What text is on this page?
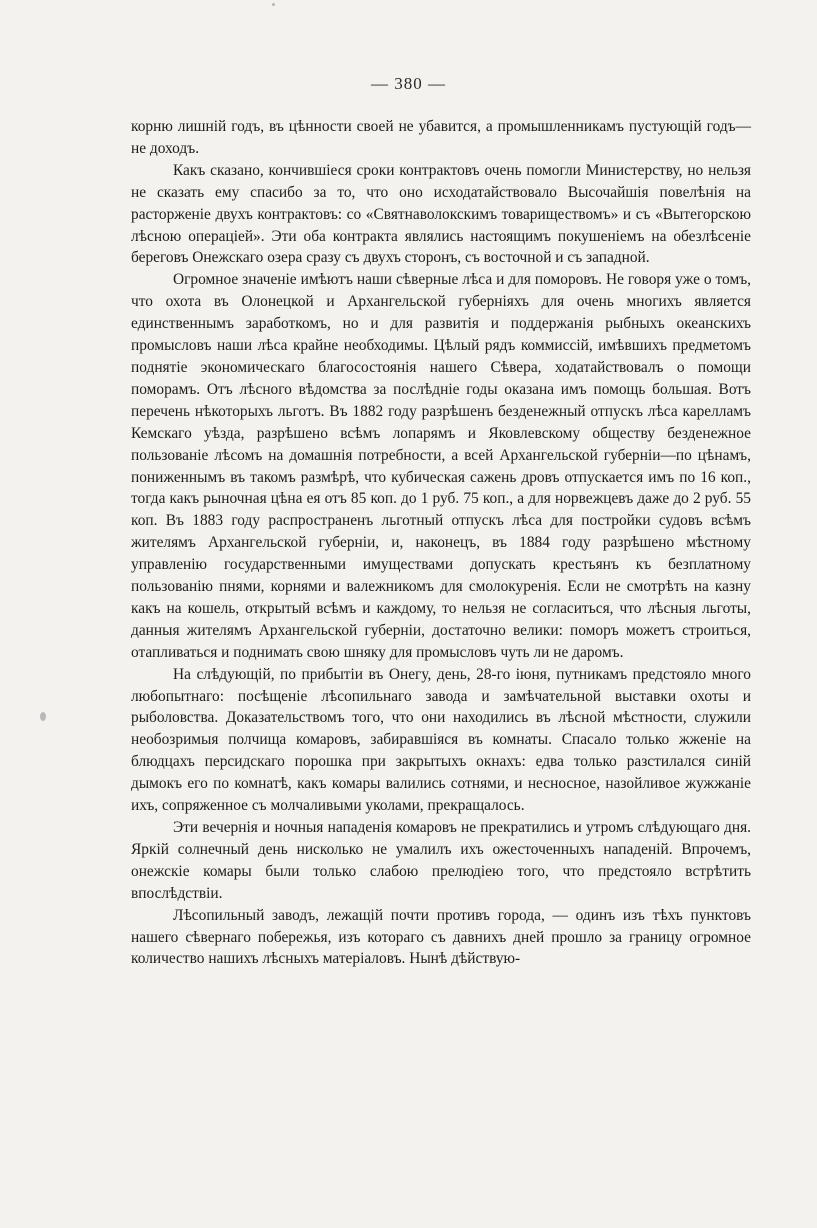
— 380 —

корню лишній годъ, въ цѣнности своей не убавится, а промышленникамъ пустующій годъ—не доходъ.

Какъ сказано, кончившіеся сроки контрактовъ очень помогли Министерству, но нельзя не сказать ему спасибо за то, что оно исходатайствовало Высочайшія повелѣнія на расторженіе двухъ контрактовъ: со «Святнаволокскимъ товариществомъ» и съ «Вытегорскою лѣсною операціей». Эти оба контракта являлись настоящимъ покушеніемъ на обезлѣсеніе береговъ Онежскаго озера сразу съ двухъ сторонъ, съ восточной и съ западной.

Огромное значеніе имѣютъ наши сѣверные лѣса и для поморовъ. Не говоря уже о томъ, что охота въ Олонецкой и Архангельской губерніяхъ для очень многихъ является единственнымъ заработкомъ, но и для развитія и поддержанія рыбныхъ океанскихъ промысловъ наши лѣса крайне необходимы. Цѣлый рядъ коммиссій, имѣвшихъ предметомъ поднятіе экономическаго благосостоянія нашего Сѣвера, ходатайствовалъ о помощи поморамъ. Отъ лѣсного вѣдомства за послѣдніе годы оказана имъ помощь большая. Вотъ перечень нѣкоторыхъ льготъ. Въ 1882 году разрѣшенъ безденежный отпускъ лѣса карелламъ Кемскаго уѣзда, разрѣшено всѣмъ лопарямъ и Яковлевскому обществу безденежное пользованіе лѣсомъ на домашнія потребности, а всей Архангельской губерніи—по цѣнамъ, пониженнымъ въ такомъ размѣрѣ, что кубическая сажень дровъ отпускается имъ по 16 коп., тогда какъ рыночная цѣна ея отъ 85 коп. до 1 руб. 75 коп., а для норвежцевъ даже до 2 руб. 55 коп. Въ 1883 году распространенъ льготный отпускъ лѣса для постройки судовъ всѣмъ жителямъ Архангельской губерніи, и, наконецъ, въ 1884 году разрѣшено мѣстному управленію государственными имуществами допускать крестьянъ къ безплатному пользованію пнями, корнями и валежникомъ для смолокуренія. Если не смотрѣть на казну какъ на кошель, открытый всѣмъ и каждому, то нельзя не согласиться, что лѣсныя льготы, данныя жителямъ Архангельской губерніи, достаточно велики: поморъ можетъ строиться, отапливаться и поднимать свою шняку для промысловъ чуть ли не даромъ.

На слѣдующій, по прибытіи въ Онегу, день, 28-го іюня, путникамъ предстояло много любопытнаго: посѣщеніе лѣсопильнаго завода и замѣчательной выставки охоты и рыболовства. Доказательствомъ того, что они находились въ лѣсной мѣстности, служили необозримыя полчища комаровъ, забиравшіяся въ комнаты. Спасало только жженіе на блюдцахъ персидскаго порошка при закрытыхъ окнахъ: едва только разстилался синій дымокъ его по комнатѣ, какъ комары валились сотнями, и несносное, назойливое жужжаніе ихъ, сопряженное съ молчаливыми уколами, прекращалось.

Эти вечернія и ночныя нападенія комаровъ не прекратились и утромъ слѣдующаго дня. Яркій солнечный день нисколько не умалилъ ихъ ожесточенныхъ нападеній. Впрочемъ, онежскіе комары были только слабою прелюдіею того, что предстояло встрѣтить впослѣдствіи.

Лѣсопильный заводъ, лежащій почти противъ города, — одинъ изъ тѣхъ пунктовъ нашего сѣвернаго побережья, изъ котораго съ давнихъ дней прошло за границу огромное количество нашихъ лѣсныхъ матеріаловъ. Нынѣ дѣйствую-
